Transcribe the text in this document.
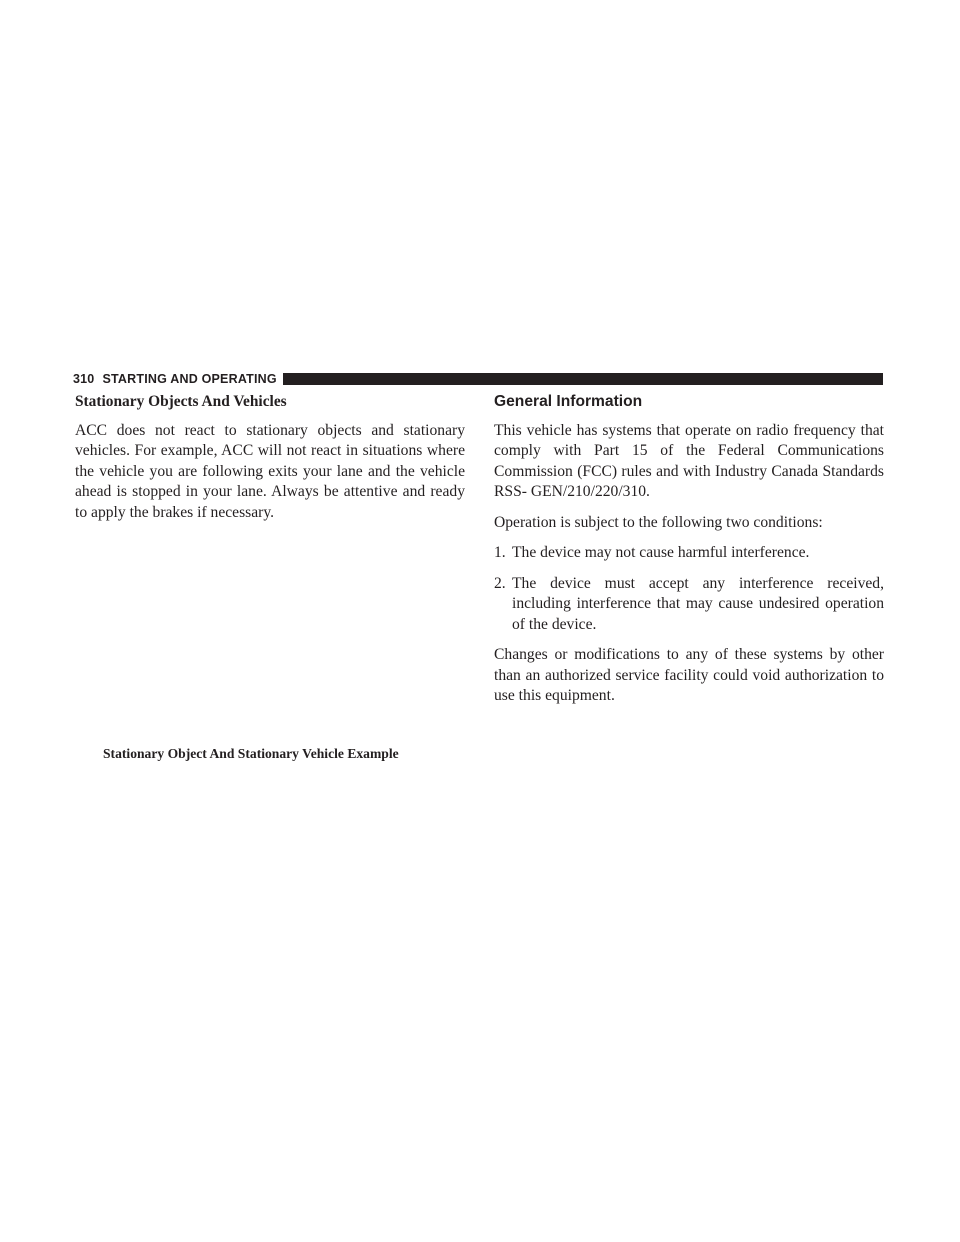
310 STARTING AND OPERATING
Stationary Objects And Vehicles

ACC does not react to stationary objects and stationary vehicles. For example, ACC will not react in situations where the vehicle you are following exits your lane and the vehicle ahead is stopped in your lane. Always be attentive and ready to apply the brakes if necessary.

Stationary Object And Stationary Vehicle Example
General Information

This vehicle has systems that operate on radio frequency that comply with Part 15 of the Federal Communications Commission (FCC) rules and with Industry Canada Standards RSS- GEN/210/220/310.

Operation is subject to the following two conditions:

1. The device may not cause harmful interference.
2. The device must accept any interference received, including interference that may cause undesired operation of the device.

Changes or modifications to any of these systems by other than an authorized service facility could void authorization to use this equipment.
